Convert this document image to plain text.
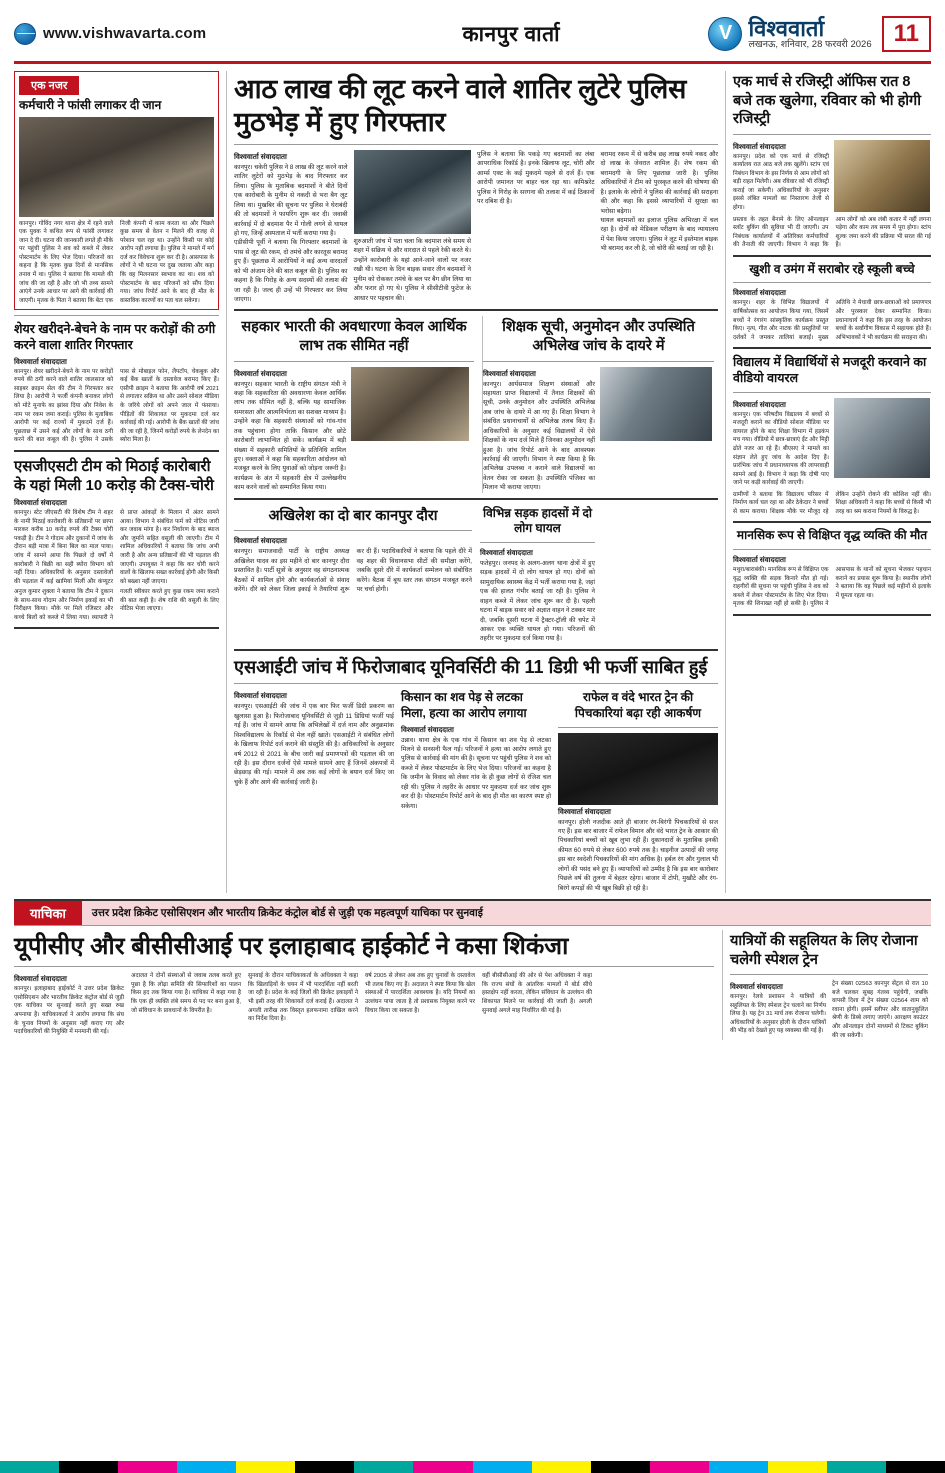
www.vishwavarta.com	कानपुर वार्ता	V विश्ववार्ता
लखनऊ, शनिवार, 28 फरवरी 2026 11
एक नजर
कर्मचारी ने फांसी लगाकर दी जान
कानपुर। गोविंद नगर थाना क्षेत्र में रहने वाले एक युवक ने कथित रूप से फांसी लगाकर जान दे दी। घटना की जानकारी लगते ही मौके पर पहुंची पुलिस ने शव को कब्जे में लेकर पोस्टमार्टम के लिए भेज दिया। परिजनों का कहना है कि मृतक कुछ दिनों से मानसिक तनाव में था। पुलिस ने बताया कि मामले की जांच की जा रही है और जो भी तथ्य सामने आएंगे उनके आधार पर आगे की कार्रवाई की जाएगी। मृतक के पिता ने बताया कि बेटा एक निजी कंपनी में काम करता था और पिछले कुछ समय से वेतन न मिलने की वजह से परेशान चल रहा था। उन्होंने किसी पर कोई आरोप नहीं लगाया है। पुलिस ने मामले में मर्ग दर्ज कर विवेचना शुरू कर दी है। आसपास के लोगों ने भी घटना पर दुख जताया और कहा कि वह मिलनसार स्वभाव का था। शव को पोस्टमार्टम के बाद परिजनों को सौंप दिया गया। जांच रिपोर्ट आने के बाद ही मौत के वास्तविक कारणों का पता चल सकेगा।
शेयर खरीदने-बेचने के नाम पर करोड़ों की ठगी करने वाला शातिर गिरफ्तार
विश्ववार्ता संवाददाता
कानपुर। शेयर खरीदने-बेचने के नाम पर करोड़ों रुपये की ठगी करने वाले शातिर जालसाज को साइबर क्राइम सेल की टीम ने गिरफ्तार कर लिया है। आरोपी ने फर्जी कंपनी बनाकर लोगों को मोटे मुनाफे का झांसा दिया और निवेश के नाम पर रकम जमा कराई। पुलिस के मुताबिक आरोपी पर कई राज्यों में मुकदमे दर्ज हैं। पूछताछ में उसने कई और लोगों के साथ ठगी करने की बात कबूल की है। पुलिस ने उसके पास से मोबाइल फोन, लैपटॉप, चेकबुक और कई बैंक खातों के दस्तावेज बरामद किए हैं। एसीपी क्राइम ने बताया कि आरोपी वर्ष 2021 से लगातार सक्रिय था और उसने सोशल मीडिया के जरिये लोगों को अपने जाल में फंसाया। पीड़ितों की शिकायत पर मुकदमा दर्ज कर कार्रवाई की गई। आरोपी के बैंक खातों की जांच की जा रही है, जिनमें करोड़ों रुपये के लेनदेन का ब्योरा मिला है।
एसजीएसटी टीम को मिठाई कारोबारी के यहां मिली 10 करोड़ की टैक्स-चोरी
विश्ववार्ता संवाददाता
कानपुर। स्टेट जीएसटी की विशेष टीम ने शहर के नामी मिठाई कारोबारी के प्रतिष्ठानों पर छापा मारकर करीब 10 करोड़ रुपये की टैक्स चोरी पकड़ी है। टीम ने गोदाम और दुकानों में जांच के दौरान बड़ी मात्रा में बिना बिल का माल पाया। जांच में सामने आया कि पिछले दो वर्षों में कारोबारी ने बिक्री का सही ब्योरा विभाग को नहीं दिया। अधिकारियों के अनुसार दस्तावेजों की पड़ताल में कई खामियां मिलीं और कंप्यूटर से प्राप्त आंकड़ों के मिलान में अंतर सामने आया। विभाग ने संबंधित फर्म को नोटिस जारी कर जवाब मांगा है। कर निर्धारण के बाद ब्याज और जुर्माने सहित वसूली की जाएगी। टीम में शामिल अधिकारियों ने बताया कि जांच अभी जारी है और अन्य प्रतिष्ठानों की भी पड़ताल की जाएगी। उपायुक्त ने कहा कि कर चोरी करने वालों के खिलाफ सख्त कार्रवाई होगी और किसी को बख्शा नहीं जाएगा।
अनुज कुमार शुक्ला ने बताया कि टीम ने दुकान के साथ-साथ गोदाम और निर्माण इकाई का भी निरीक्षण किया। मौके पर मिले रजिस्टर और कच्चे बिलों को कब्जे में लिया गया। व्यापारी ने गलती स्वीकार करते हुए कुछ रकम जमा कराने की बात कही है। शेष राशि की वसूली के लिए नोटिस भेजा जाएगा।
आठ लाख की लूट करने वाले शातिर लुटेरे पुलिस मुठभेड़ में हुए गिरफ्तार
विश्ववार्ता संवाददाता
कानपुर। चकेरी पुलिस ने 8 लाख की लूट करने वाले शातिर लुटेरों को मुठभेड़ के बाद गिरफ्तार कर लिया। पुलिस के मुताबिक बदमाशों ने बीते दिनों एक कारोबारी के मुनीम से नकदी से भरा बैग लूट लिया था। मुखबिर की सूचना पर पुलिस ने घेराबंदी की तो बदमाशों ने फायरिंग शुरू कर दी। जवाबी कार्रवाई में दो बदमाश पैर में गोली लगने से घायल हो गए, जिन्हें अस्पताल में भर्ती कराया गया है।
एडीसीपी पूर्वी ने बताया कि गिरफ्तार बदमाशों के पास से लूट की रकम, दो तमंचे और कारतूस बरामद हुए हैं। पूछताछ में आरोपियों ने कई अन्य वारदातों को भी अंजाम देने की बात कबूल की है। पुलिस का कहना है कि गिरोह के अन्य सदस्यों की तलाश की जा रही है। जल्द ही उन्हें भी गिरफ्तार कर लिया जाएगा।
शुरुआती जांच में पता चला कि बदमाश लंबे समय से शहर में सक्रिय थे और वारदात से पहले रेकी करते थे। उन्होंने कारोबारी के यहां आने-जाने वालों पर नजर रखी थी। घटना के दिन बाइक सवार तीन बदमाशों ने मुनीम को रोककर तमंचे के बल पर बैग छीन लिया था और फरार हो गए थे। पुलिस ने सीसीटीवी फुटेज के आधार पर पहचान की।
पुलिस ने बताया कि पकड़े गए बदमाशों का लंबा आपराधिक रिकॉर्ड है। इनके खिलाफ लूट, चोरी और आर्म्स एक्ट के कई मुकदमे पहले से दर्ज हैं। एक आरोपी जमानत पर बाहर चल रहा था। कमिश्नरेट पुलिस ने गिरोह के सरगना की तलाश में कई ठिकानों पर दबिश दी है।
बरामद रकम में से करीब छह लाख रुपये नकद और दो लाख के जेवरात शामिल हैं। शेष रकम की बरामदगी के लिए पूछताछ जारी है। पुलिस अधिकारियों ने टीम को पुरस्कृत करने की घोषणा की है। इलाके के लोगों ने पुलिस की कार्रवाई की सराहना की और कहा कि इससे व्यापारियों में सुरक्षा का भरोसा बढ़ेगा।
घायल बदमाशों का इलाज पुलिस अभिरक्षा में चल रहा है। दोनों को मेडिकल परीक्षण के बाद न्यायालय में पेश किया जाएगा। पुलिस ने लूट में इस्तेमाल बाइक भी बरामद कर ली है, जो चोरी की बताई जा रही है।
सहकार भारती की अवधारणा केवल आर्थिक लाभ तक सीमित नहीं
विश्ववार्ता संवाददाता
कानपुर। सहकार भारती के राष्ट्रीय संगठन मंत्री ने कहा कि सहकारिता की अवधारणा केवल आर्थिक लाभ तक सीमित नहीं है, बल्कि यह सामाजिक समरसता और आत्मनिर्भरता का सशक्त माध्यम है। उन्होंने कहा कि सहकारी संस्थाओं को गांव-गांव तक पहुंचाना होगा ताकि किसान और छोटे कारोबारी लाभान्वित हो सकें। कार्यक्रम में बड़ी संख्या में सहकारी समितियों के प्रतिनिधि शामिल हुए। वक्ताओं ने कहा कि सहकारिता आंदोलन को मजबूत करने के लिए युवाओं को जोड़ना जरूरी है। कार्यक्रम के अंत में सहकारी क्षेत्र में उल्लेखनीय काम करने वालों को सम्मानित किया गया।
शिक्षक सूची, अनुमोदन और उपस्थिति अभिलेख जांच के दायरे में
विश्ववार्ता संवाददाता
कानपुर। आर्यसमाज शिक्षण संस्थाओं और सहायता प्राप्त विद्यालयों में तैनात शिक्षकों की सूची, उनके अनुमोदन और उपस्थिति अभिलेख अब जांच के दायरे में आ गए हैं। शिक्षा विभाग ने संबंधित प्रधानाचार्यों से अभिलेख तलब किए हैं। अधिकारियों के अनुसार कई विद्यालयों में ऐसे शिक्षकों के नाम दर्ज मिले हैं जिनका अनुमोदन नहीं हुआ है। जांच रिपोर्ट आने के बाद आवश्यक कार्रवाई की जाएगी। विभाग ने स्पष्ट किया है कि अभिलेख उपलब्ध न कराने वाले विद्यालयों का वेतन रोका जा सकता है। उपस्थिति पंजिका का मिलान भी कराया जाएगा।
अखिलेश का दो बार कानपुर दौरा
विश्ववार्ता संवाददाता
कानपुर। समाजवादी पार्टी के राष्ट्रीय अध्यक्ष अखिलेश यादव का इस महीने दो बार कानपुर दौरा प्रस्तावित है। पार्टी सूत्रों के अनुसार वह संगठनात्मक बैठकों में शामिल होंगे और कार्यकर्ताओं से संवाद करेंगे। दौरे को लेकर जिला इकाई ने तैयारियां शुरू कर दी हैं। पदाधिकारियों ने बताया कि पहले दौरे में वह शहर की विधानसभा सीटों की समीक्षा करेंगे, जबकि दूसरे दौरे में कार्यकर्ता सम्मेलन को संबोधित करेंगे। बैठक में बूथ स्तर तक संगठन मजबूत करने पर चर्चा होगी।
विभिन्न सड़क हादसों में दो लोग घायल
विश्ववार्ता संवाददाता
फतेहपुर। जनपद के अलग-अलग थाना क्षेत्रों में हुए सड़क हादसों में दो लोग घायल हो गए। दोनों को सामुदायिक स्वास्थ्य केंद्र में भर्ती कराया गया है, जहां एक की हालत गंभीर बताई जा रही है। पुलिस ने वाहन कब्जे में लेकर जांच शुरू कर दी है। पहली घटना में बाइक सवार को अज्ञात वाहन ने टक्कर मार दी, जबकि दूसरी घटना में ट्रैक्टर-ट्रॉली की चपेट में आकर एक व्यक्ति घायल हो गया। परिजनों की तहरीर पर मुकदमा दर्ज किया गया है।
एसआईटी जांच में फिरोजाबाद यूनिवर्सिटी की 11 डिग्री भी फर्जी साबित हुई
विश्ववार्ता संवाददाता
कानपुर। एसआईटी की जांच में एक बार फिर फर्जी डिग्री प्रकरण का खुलासा हुआ है। फिरोजाबाद यूनिवर्सिटी से जुड़ी 11 डिग्रियां फर्जी पाई गई हैं। जांच में सामने आया कि अभिलेखों में दर्ज नाम और अनुक्रमांक विश्वविद्यालय के रिकॉर्ड से मेल नहीं खाते। एसआईटी ने संबंधित लोगों के खिलाफ रिपोर्ट दर्ज कराने की संस्तुति की है। अधिकारियों के अनुसार वर्ष 2012 से 2021 के बीच जारी कई प्रमाणपत्रों की पड़ताल की जा रही है। इस दौरान दर्जनों ऐसे मामले सामने आए हैं जिनमें अंकपत्रों में छेड़छाड़ की गई। मामले में अब तक कई लोगों के बयान दर्ज किए जा चुके हैं और आगे की कार्रवाई जारी है।
किसान का शव पेड़ से लटका मिला, हत्या का आरोप लगाया
विश्ववार्ता संवाददाता
उन्नाव। थाना क्षेत्र के एक गांव में किसान का शव पेड़ से लटका मिलने से सनसनी फैल गई। परिजनों ने हत्या का आरोप लगाते हुए पुलिस से कार्रवाई की मांग की है। सूचना पर पहुंची पुलिस ने शव को कब्जे में लेकर पोस्टमार्टम के लिए भेज दिया। परिजनों का कहना है कि जमीन के विवाद को लेकर गांव के ही कुछ लोगों से रंजिश चल रही थी। पुलिस ने तहरीर के आधार पर मुकदमा दर्ज कर जांच शुरू कर दी है। पोस्टमार्टम रिपोर्ट आने के बाद ही मौत का कारण स्पष्ट हो सकेगा।
राफेल व वंदे भारत ट्रेन की पिचकारियां बढ़ा रही आकर्षण
विश्ववार्ता संवाददाता
कानपुर। होली नजदीक आते ही बाजार रंग-बिरंगी पिचकारियों से सज गए हैं। इस बार बाजार में राफेल विमान और वंदे भारत ट्रेन के आकार की पिचकारियां बच्चों को खूब लुभा रही हैं। दुकानदारों के मुताबिक इनकी कीमत 60 रुपये से लेकर 600 रुपये तक है। चाइनीज उत्पादों की जगह इस बार स्वदेशी पिचकारियों की मांग अधिक है। हर्बल रंग और गुलाल भी लोगों की पसंद बने हुए हैं। व्यापारियों को उम्मीद है कि इस बार कारोबार पिछले वर्ष की तुलना में बेहतर रहेगा। बाजार में टोपी, मुखौटे और रंग-बिरंगे कपड़ों की भी खूब बिक्री हो रही है।
एक मार्च से रजिस्ट्री ऑफिस रात 8 बजे तक खुलेगा, रविवार को भी होगी रजिस्ट्री
विश्ववार्ता संवाददाता
कानपुर। प्रदेश को एक मार्च से रजिस्ट्री कार्यालय रात आठ बजे तक खुलेंगे। स्टांप एवं निबंधन विभाग के इस निर्णय से आम लोगों को बड़ी राहत मिलेगी। अब रविवार को भी रजिस्ट्री कराई जा सकेगी। अधिकारियों के अनुसार इससे लंबित मामलों का निस्तारण तेजी से होगा।
प्रस्ताव के तहत बैनामे के लिए ऑनलाइन स्लॉट बुकिंग की सुविधा भी दी जाएगी। उप निबंधक कार्यालयों में अतिरिक्त कर्मचारियों की तैनाती की जाएगी। विभाग ने कहा कि आम लोगों को अब लंबी कतार में नहीं लगना पड़ेगा और काम तय समय में पूरा होगा। स्टांप शुल्क जमा करने की प्रक्रिया भी सरल की गई है।
खुशी व उमंग में सराबोर रहे स्कूली बच्चे
विश्ववार्ता संवाददाता
कानपुर। शहर के विभिन्न विद्यालयों में वार्षिकोत्सव का आयोजन किया गया, जिसमें बच्चों ने रंगारंग सांस्कृतिक कार्यक्रम प्रस्तुत किए। नृत्य, गीत और नाटक की प्रस्तुतियों पर दर्शकों ने जमकर तालियां बजाईं। मुख्य अतिथि ने मेधावी छात्र-छात्राओं को प्रमाणपत्र और पुरस्कार देकर सम्मानित किया। प्रधानाचार्य ने कहा कि इस तरह के आयोजन बच्चों के सर्वांगीण विकास में सहायक होते हैं। अभिभावकों ने भी कार्यक्रम की सराहना की।
विद्यालय में विद्यार्थियों से मजदूरी करवाने का वीडियो वायरल
विश्ववार्ता संवाददाता
कानपुर। एक परिषदीय विद्यालय में बच्चों से मजदूरी कराने का वीडियो सोशल मीडिया पर वायरल होने के बाद शिक्षा विभाग में हड़कंप मच गया। वीडियो में छात्र-छात्राएं ईंट और मिट्टी ढोते नजर आ रहे हैं। बीएसए ने मामले का संज्ञान लेते हुए जांच के आदेश दिए हैं। प्रारंभिक जांच में प्रधानाध्यापक की लापरवाही सामने आई है। विभाग ने कहा कि दोषी पाए जाने पर कड़ी कार्रवाई की जाएगी।
ग्रामीणों ने बताया कि विद्यालय परिसर में निर्माण कार्य चल रहा था और ठेकेदार ने बच्चों से काम कराया। शिक्षक मौके पर मौजूद रहे लेकिन उन्होंने रोकने की कोशिश नहीं की। शिक्षा अधिकारी ने कहा कि बच्चों से किसी भी तरह का श्रम कराना नियमों के विरुद्ध है।
मानसिक रूप से विक्षिप्त वृद्ध व्यक्ति की मौत
विश्ववार्ता संवाददाता
मथुरा/बाराबंकी। मानसिक रूप से विक्षिप्त एक वृद्ध व्यक्ति की सड़क किनारे मौत हो गई। राहगीरों की सूचना पर पहुंची पुलिस ने शव को कब्जे में लेकर पोस्टमार्टम के लिए भेज दिया। मृतक की शिनाख्त नहीं हो सकी है। पुलिस ने आसपास के थानों को सूचना भेजकर पहचान कराने का प्रयास शुरू किया है। स्थानीय लोगों ने बताया कि वह पिछले कई महीनों से इलाके में घूमता रहता था।
याचिका	उत्तर प्रदेश क्रिकेट एसोसिएशन और भारतीय क्रिकेट कंट्रोल बोर्ड से जुड़ी एक महत्वपूर्ण याचिका पर सुनवाई
यूपीसीए और बीसीसीआई पर इलाहाबाद हाईकोर्ट ने कसा शिकंजा
विश्ववार्ता संवाददाता
कानपुर। इलाहाबाद हाईकोर्ट ने उत्तर प्रदेश क्रिकेट एसोसिएशन और भारतीय क्रिकेट कंट्रोल बोर्ड से जुड़ी एक याचिका पर सुनवाई करते हुए सख्त रुख अपनाया है। याचिकाकर्ता ने आरोप लगाया कि संघ के चुनाव नियमों के अनुसार नहीं कराए गए और पदाधिकारियों की नियुक्ति में मनमानी की गई।
अदालत ने दोनों संस्थाओं से जवाब तलब करते हुए पूछा है कि लोढ़ा समिति की सिफारिशों का पालन किस हद तक किया गया है। याचिका में कहा गया है कि एक ही व्यक्ति लंबे समय से पद पर बना हुआ है, जो संविधान के प्रावधानों के विपरीत है।
सुनवाई के दौरान याचिकाकर्ता के अधिवक्ता ने कहा कि खिलाड़ियों के चयन में भी पारदर्शिता नहीं बरती जा रही है। प्रदेश के कई जिलों की क्रिकेट इकाइयों ने भी इसी तरह की शिकायतें दर्ज कराई हैं। अदालत ने अगली तारीख तक विस्तृत हलफनामा दाखिल करने का निर्देश दिया है।
वर्ष 2005 से लेकर अब तक हुए चुनावों के दस्तावेज भी तलब किए गए हैं। अदालत ने स्पष्ट किया कि खेल संस्थाओं में पारदर्शिता आवश्यक है। यदि नियमों का उल्लंघन पाया जाता है तो प्रशासक नियुक्त करने पर विचार किया जा सकता है।
वहीं बीसीसीआई की ओर से पेश अधिवक्ता ने कहा कि राज्य संघों के आंतरिक मामलों में बोर्ड सीधे हस्तक्षेप नहीं करता, लेकिन संविधान के उल्लंघन की शिकायत मिलने पर कार्रवाई की जाती है। अगली सुनवाई अगले माह निर्धारित की गई है।
यात्रियों की सहूलियत के लिए रोजाना चलेगी स्पेशल ट्रेन
विश्ववार्ता संवाददाता
कानपुर। रेलवे प्रशासन ने यात्रियों की सहूलियत के लिए स्पेशल ट्रेन चलाने का निर्णय लिया है। यह ट्रेन 31 मार्च तक रोजाना चलेगी। अधिकारियों के अनुसार होली के दौरान यात्रियों की भीड़ को देखते हुए यह व्यवस्था की गई है।
ट्रेन संख्या 02563 कानपुर सेंट्रल से रात 10 बजे चलकर सुबह गंतव्य पहुंचेगी, जबकि वापसी दिशा में ट्रेन संख्या 02564 शाम को रवाना होगी। इसमें स्लीपर और वातानुकूलित श्रेणी के डिब्बे लगाए जाएंगे। आरक्षण काउंटर और ऑनलाइन दोनों माध्यमों से टिकट बुकिंग की जा सकेगी।
